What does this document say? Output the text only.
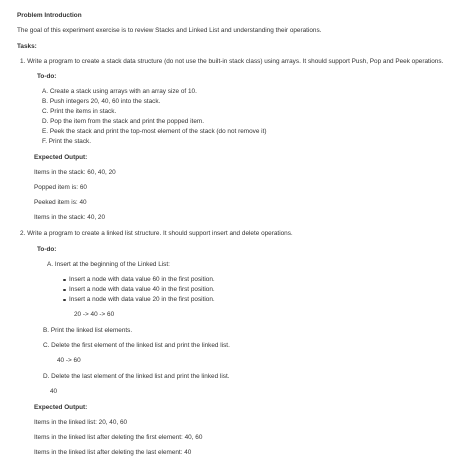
Problem Introduction
The goal of this experiment exercise is to review Stacks and Linked List and understanding their operations.
Tasks:
1. Write a program to create a stack data structure (do not use the built-in stack class) using arrays. It should support Push, Pop and Peek operations.
To-do:
A. Create a stack using arrays with an array size of 10.
B. Push integers 20, 40, 60 into the stack.
C. Print the items in stack.
D. Pop the item from the stack and print the popped item.
E. Peek the stack and print the top-most element of the stack (do not remove it)
F. Print the stack.
Expected Output:
Items in the stack: 60, 40, 20
Popped item is: 60
Peeked item is: 40
Items in the stack: 40, 20
2. Write a program to create a linked list structure. It should support insert and delete operations.
To-do:
A. Insert at the beginning of the Linked List:
Insert a node with data value 60 in the first position.
Insert a node with data value 40 in the first position.
Insert a node with data value 20 in the first position.
20 -> 40 -> 60
B. Print the linked list elements.
C. Delete the first element of the linked list and print the linked list.
40 -> 60
D. Delete the last element of the linked list and print the linked list.
40
Expected Output:
Items in the linked list: 20, 40, 60
Items in the linked list after deleting the first element: 40, 60
Items in the linked list after deleting the last element: 40
